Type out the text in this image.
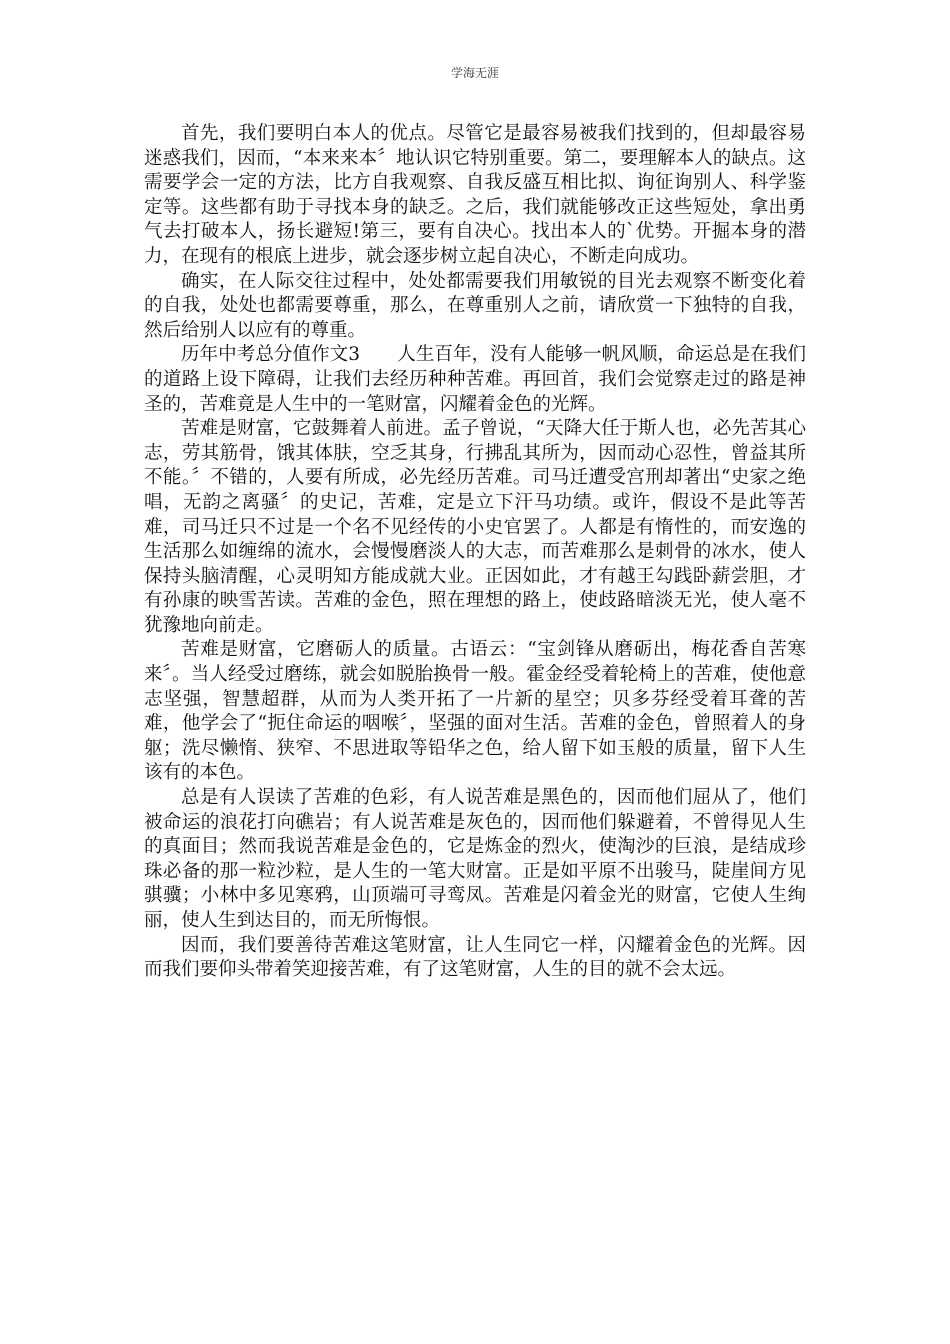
学海无涯

首先，我们要明白本人的优点。尽管它是最容易被我们找到的，但却最容易迷惑我们，因而，“本来来本〞地认识它特别重要。第二，要理解本人的缺点。这需要学会一定的方法，比方自我观察、自我反盛互相比拟、询征询别人、科学鉴定等。这些都有助于寻找本身的缺乏。之后，我们就能够改正这些短处，拿出勇气去打破本人，扬长避短!第三，要有自决心。找出本人的`优势。开掘本身的潜力，在现有的根底上进步，就会逐步树立起自决心，不断走向成功。

确实，在人际交往过程中，处处都需要我们用敏锐的目光去观察不断变化着的自我，处处也都需要尊重，那么，在尊重别人之前，请欣赏一下独特的自我，然后给别人以应有的尊重。

历年中考总分值作文3　　人生百年，没有人能够一帆风顺，命运总是在我们的道路上设下障碍，让我们去经历种种苦难。再回首，我们会觉察走过的路是神圣的，苦难竟是人生中的一笔财富，闪耀着金色的光辉。

苦难是财富，它鼓舞着人前进。孟子曾说，“天降大任于斯人也，必先苦其心志，劳其筋骨，饿其体肤，空乏其身，行拂乱其所为，因而动心忍性，曾益其所不能。〞不错的，人要有所成，必先经历苦难。司马迁遭受宫刑却著出“史家之绝唱，无韵之离骚〞的史记，苦难，定是立下汗马功绩。或许，假设不是此等苦难，司马迁只不过是一个名不见经传的小史官罢了。人都是有惰性的，而安逸的生活那么如缠绵的流水，会慢慢磨淡人的大志，而苦难那么是刺骨的冰水，使人保持头脑清醒，心灵明知方能成就大业。正因如此，才有越王勾践卧薪尝胆，才有孙康的映雪苦读。苦难的金色，照在理想的路上，使歧路暗淡无光，使人毫不犹豫地向前走。

苦难是财富，它磨砺人的质量。古语云：“宝剑锋从磨砺出，梅花香自苦寒来〞。当人经受过磨练，就会如脱胎换骨一般。霍金经受着轮椅上的苦难，使他意志坚强，智慧超群，从而为人类开拓了一片新的星空；贝多芬经受着耳聋的苦难，他学会了“扼住命运的咽喉〞，坚强的面对生活。苦难的金色，曾照着人的身躯；洗尽懒惰、狭窄、不思进取等铅华之色，给人留下如玉般的质量，留下人生该有的本色。

总是有人误读了苦难的色彩，有人说苦难是黑色的，因而他们屈从了，他们被命运的浪花打向礁岩；有人说苦难是灰色的，因而他们躲避着，不曾得见人生的真面目；然而我说苦难是金色的，它是炼金的烈火，使淘沙的巨浪，是结成珍珠必备的那一粒沙粒，是人生的一笔大财富。正是如平原不出骏马，陡崖间方见骐骥；小林中多见寒鸦，山顶端可寻鸾凤。苦难是闪着金光的财富，它使人生绚丽，使人生到达目的，而无所悔恨。

因而，我们要善待苦难这笔财富，让人生同它一样，闪耀着金色的光辉。因而我们要仰头带着笑迎接苦难，有了这笔财富，人生的目的就不会太远。
